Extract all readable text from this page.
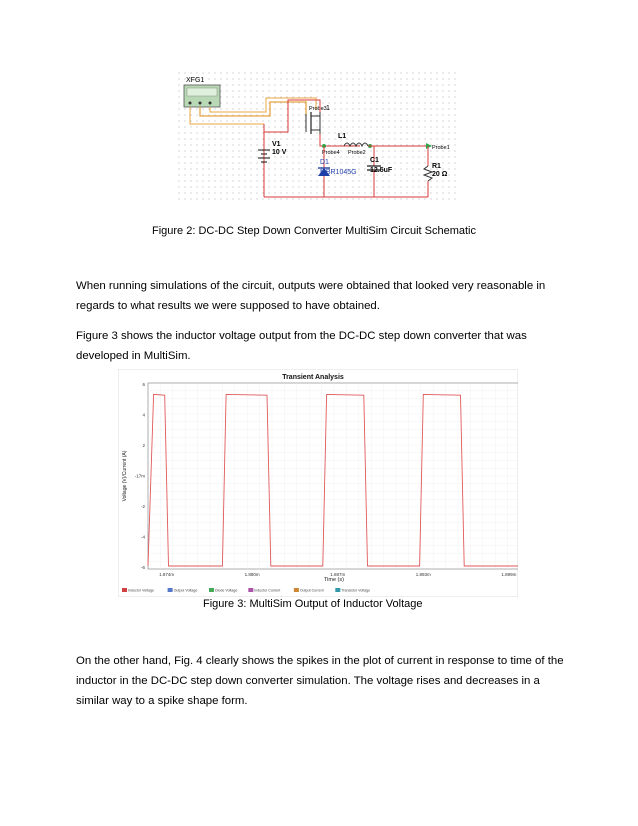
XFG1
Probe3 1
V1
10 V
L1
Probe4 Probe2
Probe1
D1
MBR1045G
C1
12.5uF
R1
20 Ω
Figure 2: DC-DC Step Down Converter MultiSim Circuit Schematic

When running simulations of the circuit, outputs were obtained that looked very reasonable in regards to what results we were supposed to have obtained.

Figure 3 shows the inductor voltage output from the DC-DC step down converter that was developed in MultiSim.

Transient Analysis
6
4
2
-17m
-2
-4
-6
1.874m	1.880m	1.887m	1.893m	1.899m
Voltage (V)/Current (A)
Time (s)
Inductor Voltage	Output Voltage	Diode Voltage	Inductor Current	Output Current	Transistor Voltage
Figure 3: MultiSim Output of Inductor Voltage

On the other hand, Fig. 4 clearly shows the spikes in the plot of current in response to time of the inductor in the DC-DC step down converter simulation. The voltage rises and decreases in a similar way to a spike shape form.
